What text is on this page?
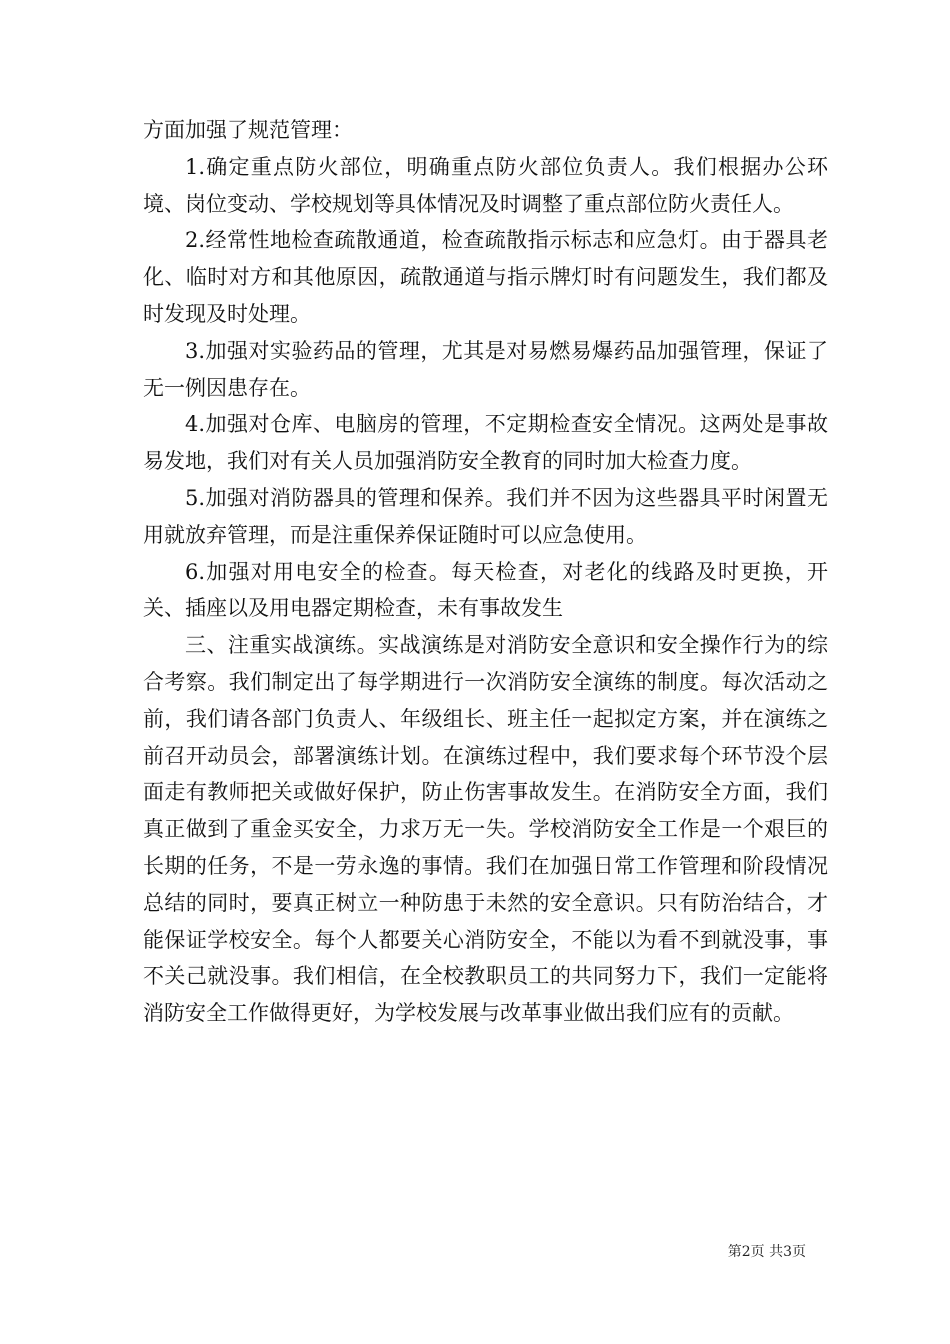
方面加强了规范管理：

1.确定重点防火部位，明确重点防火部位负责人。我们根据办公环境、岗位变动、学校规划等具体情况及时调整了重点部位防火责任人。

2.经常性地检查疏散通道，检查疏散指示标志和应急灯。由于器具老化、临时对方和其他原因，疏散通道与指示牌灯时有问题发生，我们都及时发现及时处理。

3.加强对实验药品的管理，尤其是对易燃易爆药品加强管理，保证了无一例因患存在。

4.加强对仓库、电脑房的管理，不定期检查安全情况。这两处是事故易发地，我们对有关人员加强消防安全教育的同时加大检查力度。

5.加强对消防器具的管理和保养。我们并不因为这些器具平时闲置无用就放弃管理，而是注重保养保证随时可以应急使用。

6.加强对用电安全的检查。每天检查，对老化的线路及时更换，开关、插座以及用电器定期检查，未有事故发生

三、注重实战演练。实战演练是对消防安全意识和安全操作行为的综合考察。我们制定出了每学期进行一次消防安全演练的制度。每次活动之前，我们请各部门负责人、年级组长、班主任一起拟定方案，并在演练之前召开动员会，部署演练计划。在演练过程中，我们要求每个环节没个层面走有教师把关或做好保护，防止伤害事故发生。在消防安全方面，我们真正做到了重金买安全，力求万无一失。学校消防安全工作是一个艰巨的长期的任务，不是一劳永逸的事情。我们在加强日常工作管理和阶段情况总结的同时，要真正树立一种防患于未然的安全意识。只有防治结合，才能保证学校安全。每个人都要关心消防安全，不能以为看不到就没事，事不关己就没事。我们相信，在全校教职员工的共同努力下，我们一定能将消防安全工作做得更好，为学校发展与改革事业做出我们应有的贡献。

第2页 共3页
